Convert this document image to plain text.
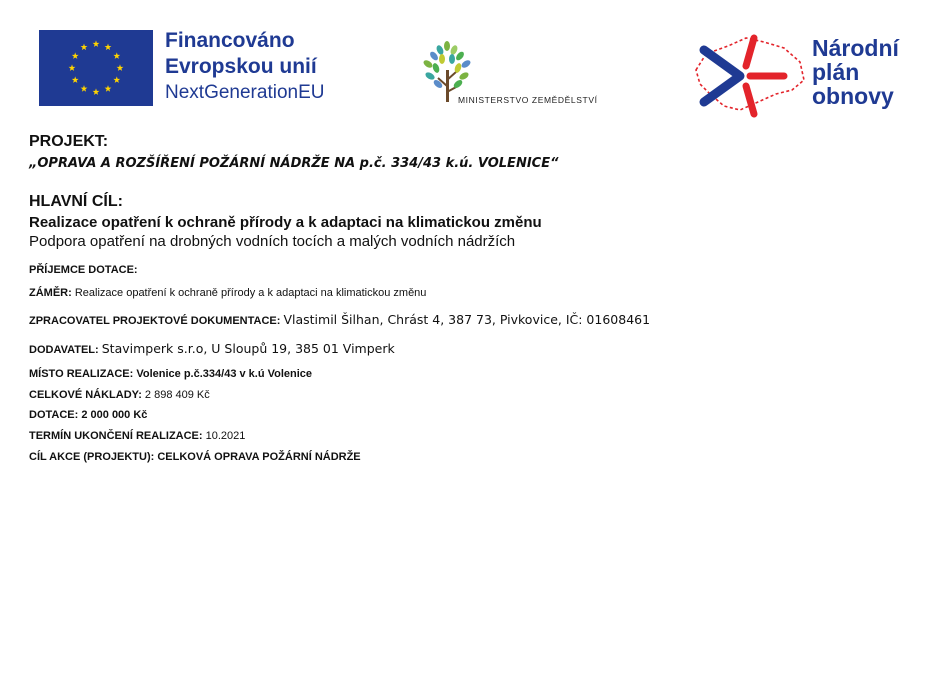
Financováno
Evropskou unií
NextGenerationEU	MINISTERSTVO ZEMĚDĚLSTVÍ
Národní
plán
obnovy
PROJEKT:
„OPRAVA A ROZŠÍŘENÍ POŽÁRNÍ NÁDRŽE NA p.č. 334/43 k.ú. VOLENICE“
HLAVNÍ CÍL:
Realizace opatření k ochraně přírody a k adaptaci na klimatickou změnu
Podpora opatření na drobných vodních tocích a malých vodních nádržích
PŘÍJEMCE DOTACE:
ZÁMĚR: Realizace opatření k ochraně přírody a k adaptaci na klimatickou změnu
ZPRACOVATEL PROJEKTOVÉ DOKUMENTACE: Vlastimil Šilhan, Chrást 4, 387 73, Pivkovice, IČ: 01608461
DODAVATEL: Stavimperk s.r.o, U Sloupů 19, 385 01 Vimperk
MÍSTO REALIZACE: Volenice p.č.334/43 v k.ú Volenice
CELKOVÉ NÁKLADY: 2 898 409 Kč
DOTACE: 2 000 000 Kč
TERMÍN UKONČENÍ REALIZACE: 10.2021
CÍL AKCE (PROJEKTU): CELKOVÁ OPRAVA POŽÁRNÍ NÁDRŽE
